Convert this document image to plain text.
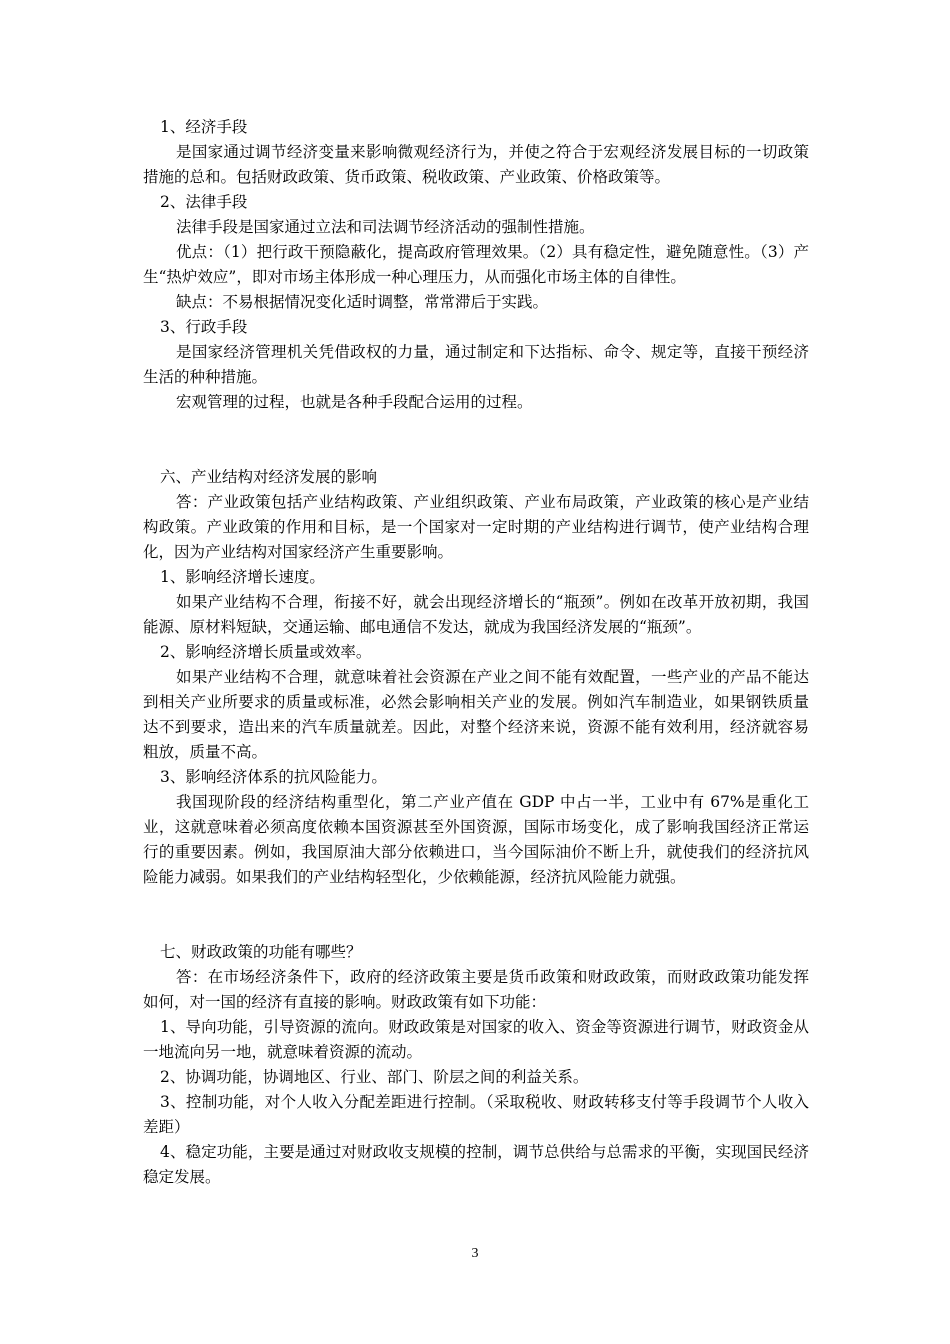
1、经济手段

是国家通过调节经济变量来影响微观经济行为，并使之符合于宏观经济发展目标的一切政策措施的总和。包括财政政策、货币政策、税收政策、产业政策、价格政策等。

2、法律手段

法律手段是国家通过立法和司法调节经济活动的强制性措施。

优点：（1）把行政干预隐蔽化，提高政府管理效果。（2）具有稳定性，避免随意性。（3）产生“热炉效应”，即对市场主体形成一种心理压力，从而强化市场主体的自律性。

缺点：不易根据情况变化适时调整，常常滞后于实践。

3、行政手段

是国家经济管理机关凭借政权的力量，通过制定和下达指标、命令、规定等，直接干预经济生活的种种措施。

宏观管理的过程，也就是各种手段配合运用的过程。

六、产业结构对经济发展的影响

答：产业政策包括产业结构政策、产业组织政策、产业布局政策，产业政策的核心是产业结构政策。产业政策的作用和目标，是一个国家对一定时期的产业结构进行调节，使产业结构合理化，因为产业结构对国家经济产生重要影响。

1、影响经济增长速度。

如果产业结构不合理，衔接不好，就会出现经济增长的“瓶颈”。例如在改革开放初期，我国能源、原材料短缺，交通运输、邮电通信不发达，就成为我国经济发展的“瓶颈”。

2、影响经济增长质量或效率。

如果产业结构不合理，就意味着社会资源在产业之间不能有效配置，一些产业的产品不能达到相关产业所要求的质量或标准，必然会影响相关产业的发展。例如汽车制造业，如果钢铁质量达不到要求，造出来的汽车质量就差。因此，对整个经济来说，资源不能有效利用，经济就容易粗放，质量不高。

3、影响经济体系的抗风险能力。

我国现阶段的经济结构重型化，第二产业产值在 GDP 中占一半，工业中有 67%是重化工业，这就意味着必须高度依赖本国资源甚至外国资源，国际市场变化，成了影响我国经济正常运行的重要因素。例如，我国原油大部分依赖进口，当今国际油价不断上升，就使我们的经济抗风险能力减弱。如果我们的产业结构轻型化，少依赖能源，经济抗风险能力就强。

七、财政政策的功能有哪些？

答：在市场经济条件下，政府的经济政策主要是货币政策和财政政策，而财政政策功能发挥如何，对一国的经济有直接的影响。财政政策有如下功能：

1、导向功能，引导资源的流向。财政政策是对国家的收入、资金等资源进行调节，财政资金从一地流向另一地，就意味着资源的流动。

2、协调功能，协调地区、行业、部门、阶层之间的利益关系。

3、控制功能，对个人收入分配差距进行控制。（采取税收、财政转移支付等手段调节个人收入差距）

4、稳定功能，主要是通过对财政收支规模的控制，调节总供给与总需求的平衡，实现国民经济稳定发展。

3
